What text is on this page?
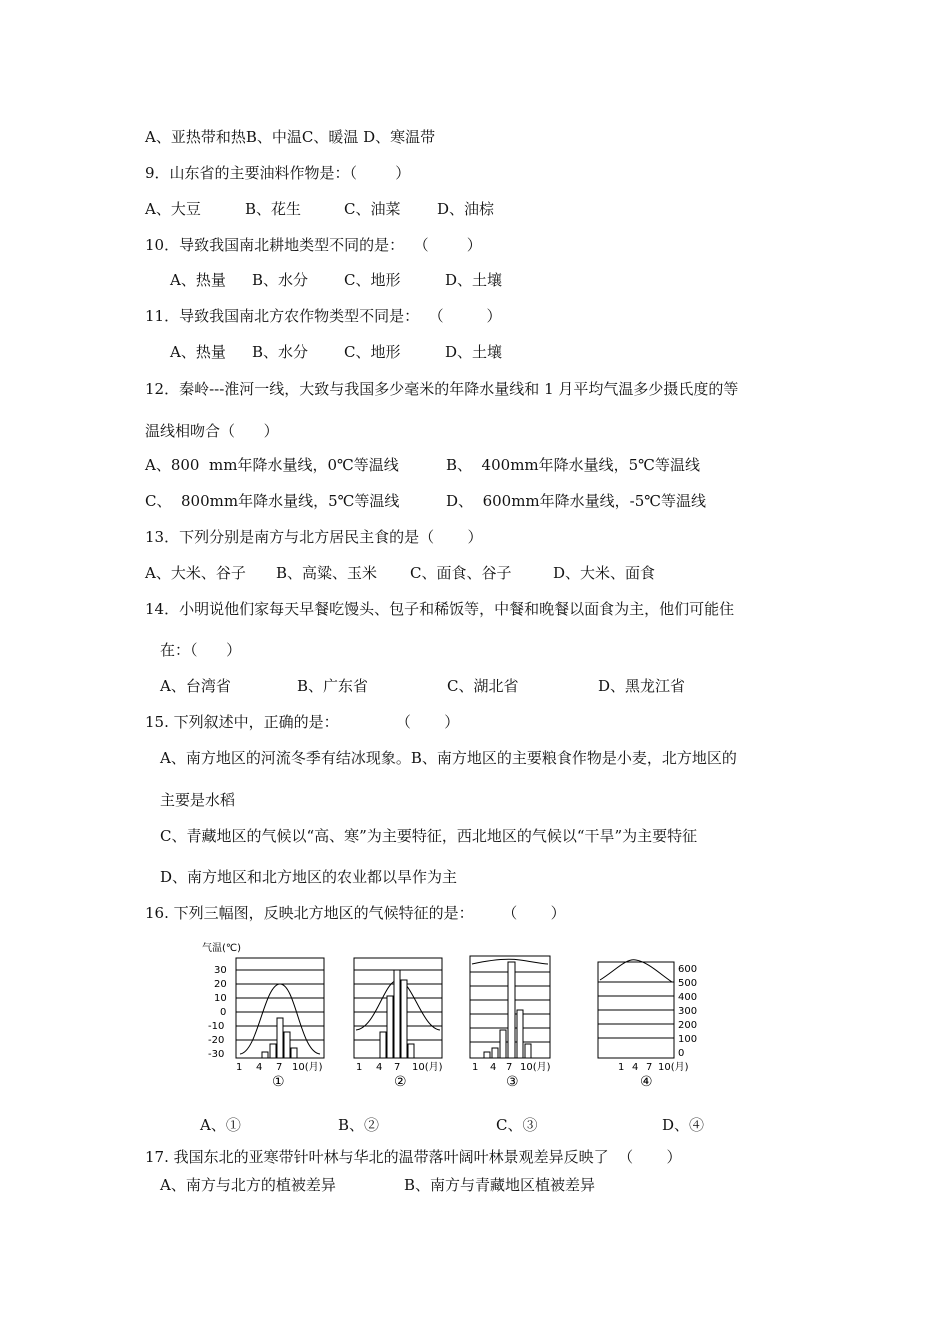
A、亚热带和热B、中温C、暖温 D、寒温带
9．山东省的主要油料作物是：（        ）
A、大豆	B、花生	C、油菜 D、油棕
10．导致我国南北耕地类型不同的是：  （        ）
A、热量 B、水分 C、地形	D、土壤
11．导致我国南北方农作物类型不同是：  （         ）
A、热量 B、水分 C、地形	D、土壤
12．秦岭---淮河一线，大致与我国多少毫米的年降水量线和 1 月平均气温多少摄氏度的等
温线相吻合（      ）
A、800  mm年降水量线，0℃等温线	B、  400mm年降水量线，5℃等温线
C、  800mm年降水量线，5℃等温线	D、  600mm年降水量线，-5℃等温线
13．下列分别是南方与北方居民主食的是（       ）
A、大米、谷子 B、高粱、玉米 C、面食、谷子	D、大米、面食
14．小明说他们家每天早餐吃馒头、包子和稀饭等，中餐和晚餐以面食为主，他们可能住
在：（      ）
A、台湾省	B、广东省	C、湖北省	D、黑龙江省
15. 下列叙述中，正确的是：            （       ）
A、南方地区的河流冬季有结冰现象。B、南方地区的主要粮食作物是小麦，北方地区的
主要是水稻
C、青藏地区的气候以“高、寒”为主要特征，西北地区的气候以“干旱”为主要特征
D、南方地区和北方地区的农业都以旱作为主
16. 下列三幅图，反映北方地区的气候特征的是：      （       ）
气温(℃)
30
20
10
0
-10
-20
-30
1 4 7 10(月)
①
1 4 7 10(月)
②
1 4 7 10(月)
③
600
500
400
300
200
100
0
1 4 7 10(月)
④
A、①	B、②	C、③	D、④
17. 我国东北的亚寒带针叶林与华北的温带落叶阔叶林景观差异反映了  （       ）
A、南方与北方的植被差异	B、南方与青藏地区植被差异
